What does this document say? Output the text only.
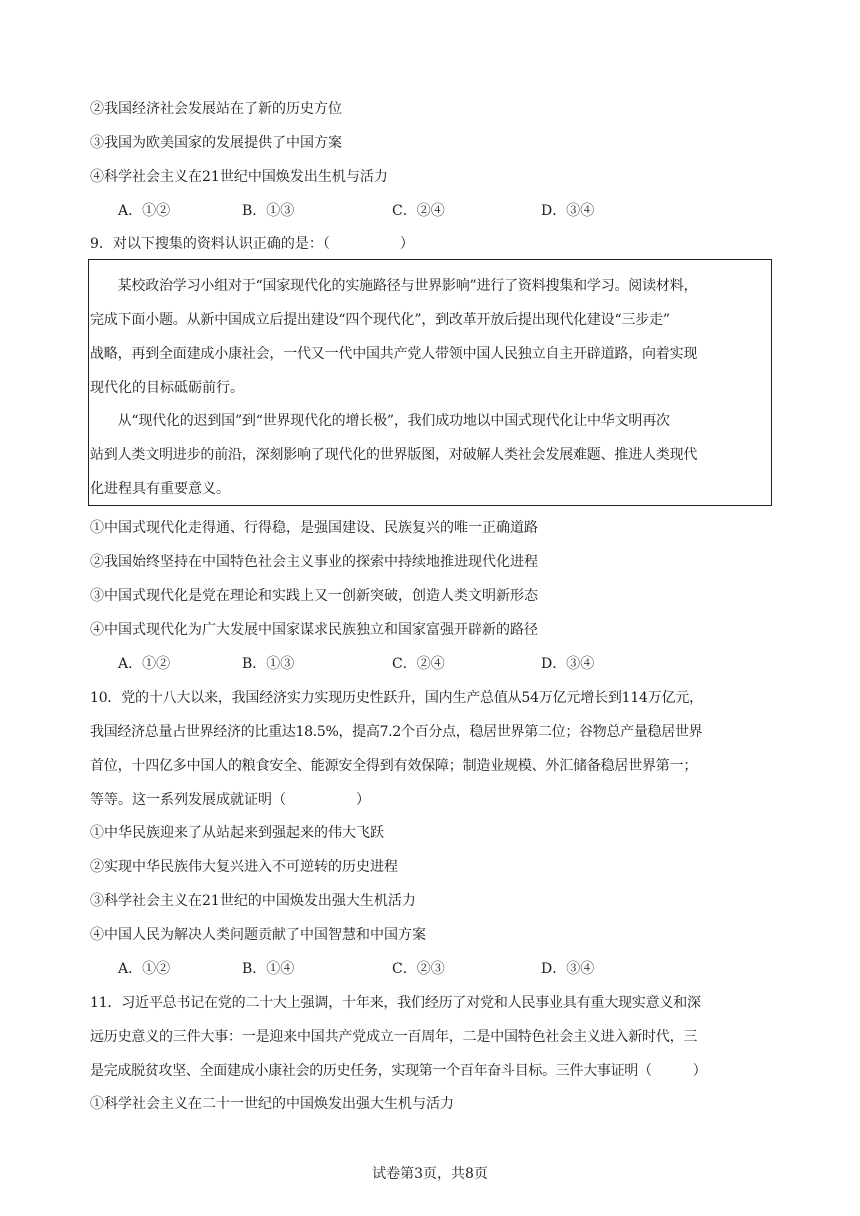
②我国经济社会发展站在了新的历史方位
③我国为欧美国家的发展提供了中国方案
④科学社会主义在21世纪中国焕发出生机与活力
A．①②	B．①③	C．②④	D．③④
9．对以下搜集的资料认识正确的是：（　　　　　）
　　某校政治学习小组对于“国家现代化的实施路径与世界影响”进行了资料搜集和学习。阅读材料，
完成下面小题。从新中国成立后提出建设“四个现代化”，到改革开放后提出现代化建设“三步走”
战略，再到全面建成小康社会，一代又一代中国共产党人带领中国人民独立自主开辟道路，向着实现
现代化的目标砥砺前行。
　　从“现代化的迟到国”到“世界现代化的增长极”，我们成功地以中国式现代化让中华文明再次
站到人类文明进步的前沿，深刻影响了现代化的世界版图，对破解人类社会发展难题、推进人类现代
化进程具有重要意义。
①中国式现代化走得通、行得稳，是强国建设、民族复兴的唯一正确道路
②我国始终坚持在中国特色社会主义事业的探索中持续地推进现代化进程
③中国式现代化是党在理论和实践上又一创新突破，创造人类文明新形态
④中国式现代化为广大发展中国家谋求民族独立和国家富强开辟新的路径
A．①②	B．①③	C．②④	D．③④
10．党的十八大以来，我国经济实力实现历史性跃升，国内生产总值从54万亿元增长到114万亿元，
我国经济总量占世界经济的比重达18.5%，提高7.2个百分点，稳居世界第二位；谷物总产量稳居世界
首位，十四亿多中国人的粮食安全、能源安全得到有效保障；制造业规模、外汇储备稳居世界第一；
等等。这一系列发展成就证明（　　　　　）
①中华民族迎来了从站起来到强起来的伟大飞跃
②实现中华民族伟大复兴进入不可逆转的历史进程
③科学社会主义在21世纪的中国焕发出强大生机活力
④中国人民为解决人类问题贡献了中国智慧和中国方案
A．①②	B．①④	C．②③	D．③④
11．习近平总书记在党的二十大上强调，十年来，我们经历了对党和人民事业具有重大现实意义和深
远历史意义的三件大事：一是迎来中国共产党成立一百周年，二是中国特色社会主义进入新时代，三
是完成脱贫攻坚、全面建成小康社会的历史任务，实现第一个百年奋斗目标。三件大事证明（　　　）
①科学社会主义在二十一世纪的中国焕发出强大生机与活力
试卷第3页，共8页
